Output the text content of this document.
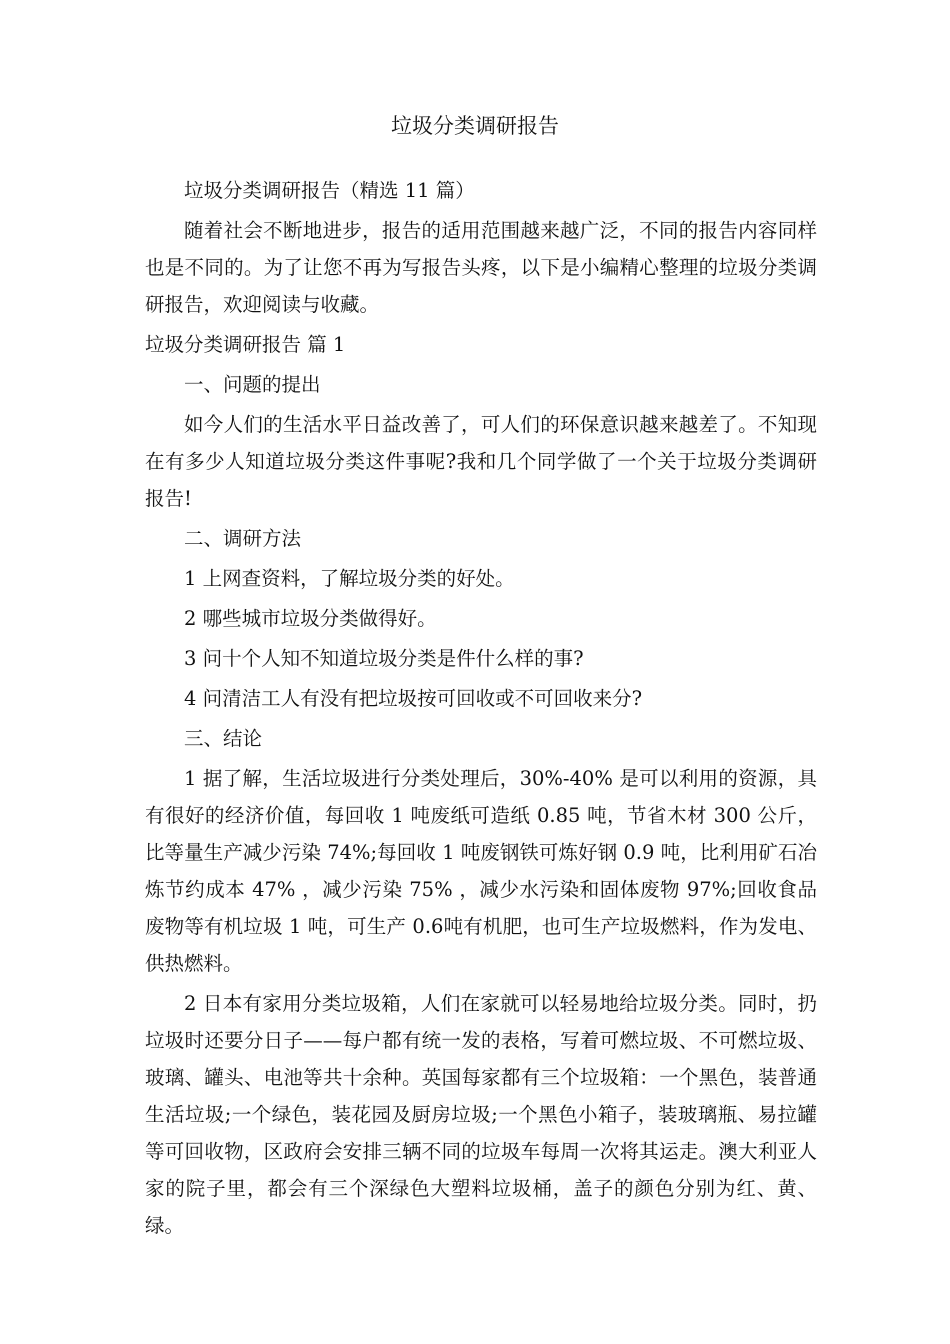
垃圾分类调研报告

垃圾分类调研报告（精选 11 篇）

随着社会不断地进步，报告的适用范围越来越广泛，不同的报告内容同样也是不同的。为了让您不再为写报告头疼，以下是小编精心整理的垃圾分类调研报告，欢迎阅读与收藏。

垃圾分类调研报告 篇 1

一、问题的提出

如今人们的生活水平日益改善了，可人们的环保意识越来越差了。不知现在有多少人知道垃圾分类这件事呢?我和几个同学做了一个关于垃圾分类调研报告!

二、调研方法

1 上网查资料，了解垃圾分类的好处。

2 哪些城市垃圾分类做得好。

3 问十个人知不知道垃圾分类是件什么样的事?

4 问清洁工人有没有把垃圾按可回收或不可回收来分?

三、结论

1 据了解，生活垃圾进行分类处理后，30%-40% 是可以利用的资源，具有很好的经济价值，每回收 1 吨废纸可造纸 0.85 吨，节省木材 300 公斤，比等量生产减少污染 74%;每回收 1 吨废钢铁可炼好钢 0.9 吨，比利用矿石冶炼节约成本 47% ，减少污染 75% ，减少水污染和固体废物 97%;回收食品废物等有机垃圾 1 吨，可生产 0.6吨有机肥，也可生产垃圾燃料，作为发电、供热燃料。

2 日本有家用分类垃圾箱，人们在家就可以轻易地给垃圾分类。同时，扔垃圾时还要分日子——每户都有统一发的表格，写着可燃垃圾、不可燃垃圾、玻璃、罐头、电池等共十余种。英国每家都有三个垃圾箱：一个黑色，装普通生活垃圾;一个绿色，装花园及厨房垃圾;一个黑色小箱子，装玻璃瓶、易拉罐等可回收物，区政府会安排三辆不同的垃圾车每周一次将其运走。澳大利亚人家的院子里，都会有三个深绿色大塑料垃圾桶，盖子的颜色分别为红、黄、绿。
